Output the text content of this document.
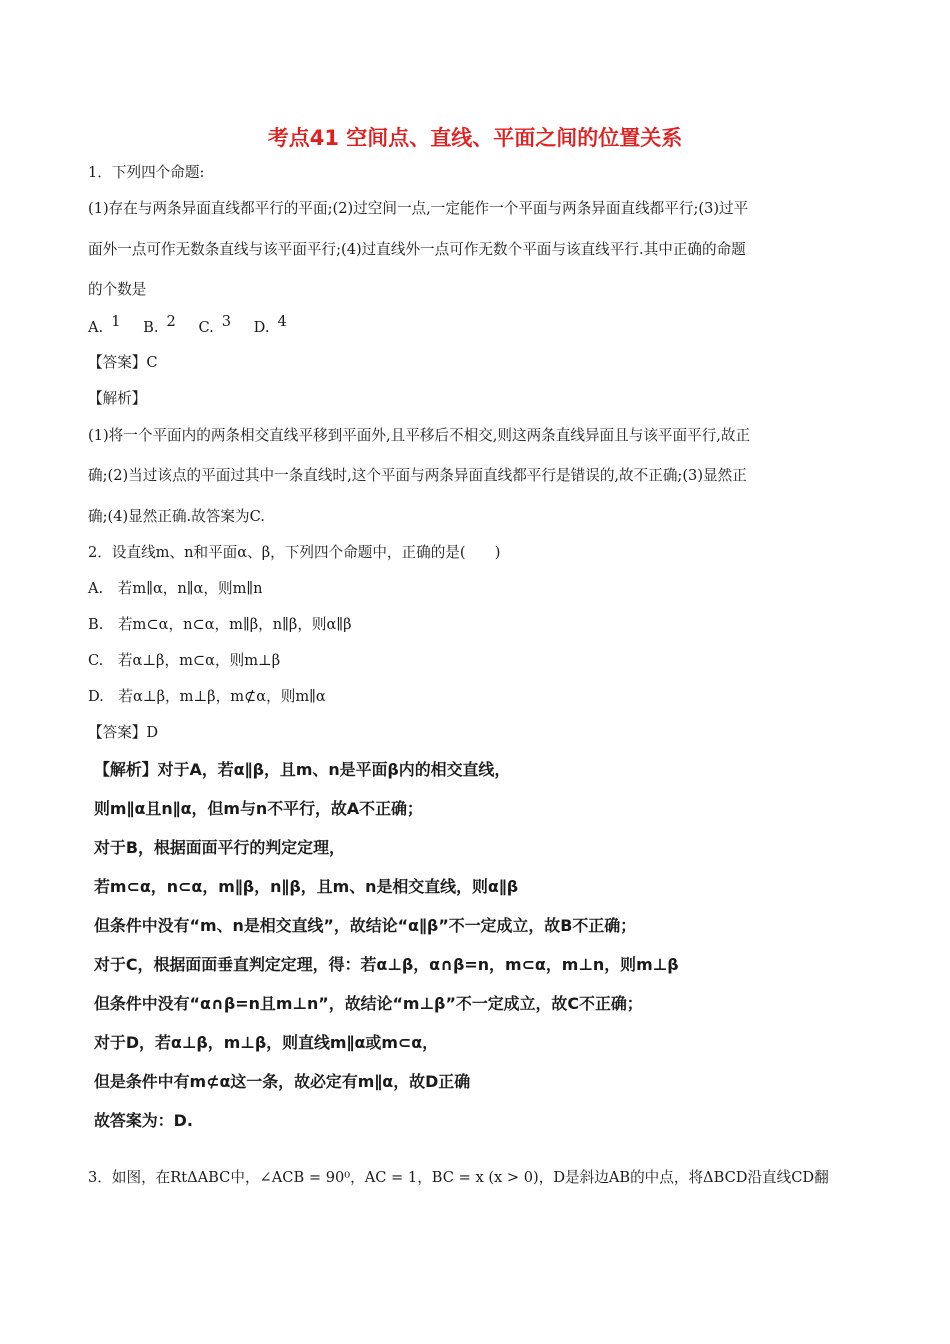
考点41 空间点、直线、平面之间的位置关系
1．下列四个命题:
(1)存在与两条异面直线都平行的平面;(2)过空间一点,一定能作一个平面与两条异面直线都平行;(3)过平
面外一点可作无数条直线与该平面平行;(4)过直线外一点可作无数个平面与该直线平行.其中正确的命题
的个数是
A. 1 B. 2 C. 3 D. 4
【答案】C
【解析】
(1)将一个平面内的两条相交直线平移到平面外,且平移后不相交,则这两条直线异面且与该平面平行,故正
确;(2)当过该点的平面过其中一条直线时,这个平面与两条异面直线都平行是错误的,故不正确;(3)显然正
确;(4)显然正确.故答案为C.
2．设直线m、n和平面α、β，下列四个命题中，正确的是(　　)
A.　若m∥α，n∥α，则m∥n
B.　若m⊂α，n⊂α，m∥β，n∥β，则α∥β
C.　若α⊥β，m⊂α，则m⊥β
D.　若α⊥β，m⊥β，m⊄α，则m∥α
【答案】D
【解析】对于A，若α∥β，且m、n是平面β内的相交直线，
则m∥α且n∥α，但m与n不平行，故A不正确；
对于B，根据面面平行的判定定理，
若m⊂α，n⊂α，m∥β，n∥β，且m、n是相交直线，则α∥β
但条件中没有“m、n是相交直线”，故结论“α∥β”不一定成立，故B不正确；
对于C，根据面面垂直判定定理，得：若α⊥β，α∩β=n，m⊂α，m⊥n，则m⊥β
但条件中没有“α∩β=n且m⊥n”，故结论“m⊥β”不一定成立，故C不正确；
对于D，若α⊥β，m⊥β，则直线m∥α或m⊂α，
但是条件中有m⊄α这一条，故必定有m∥α，故D正确
故答案为：D.
3．如图，在RtΔABC中，∠ACB = 90⁰，AC = 1，BC = x (x > 0)，D是斜边AB的中点，将ΔBCD沿直线CD翻
